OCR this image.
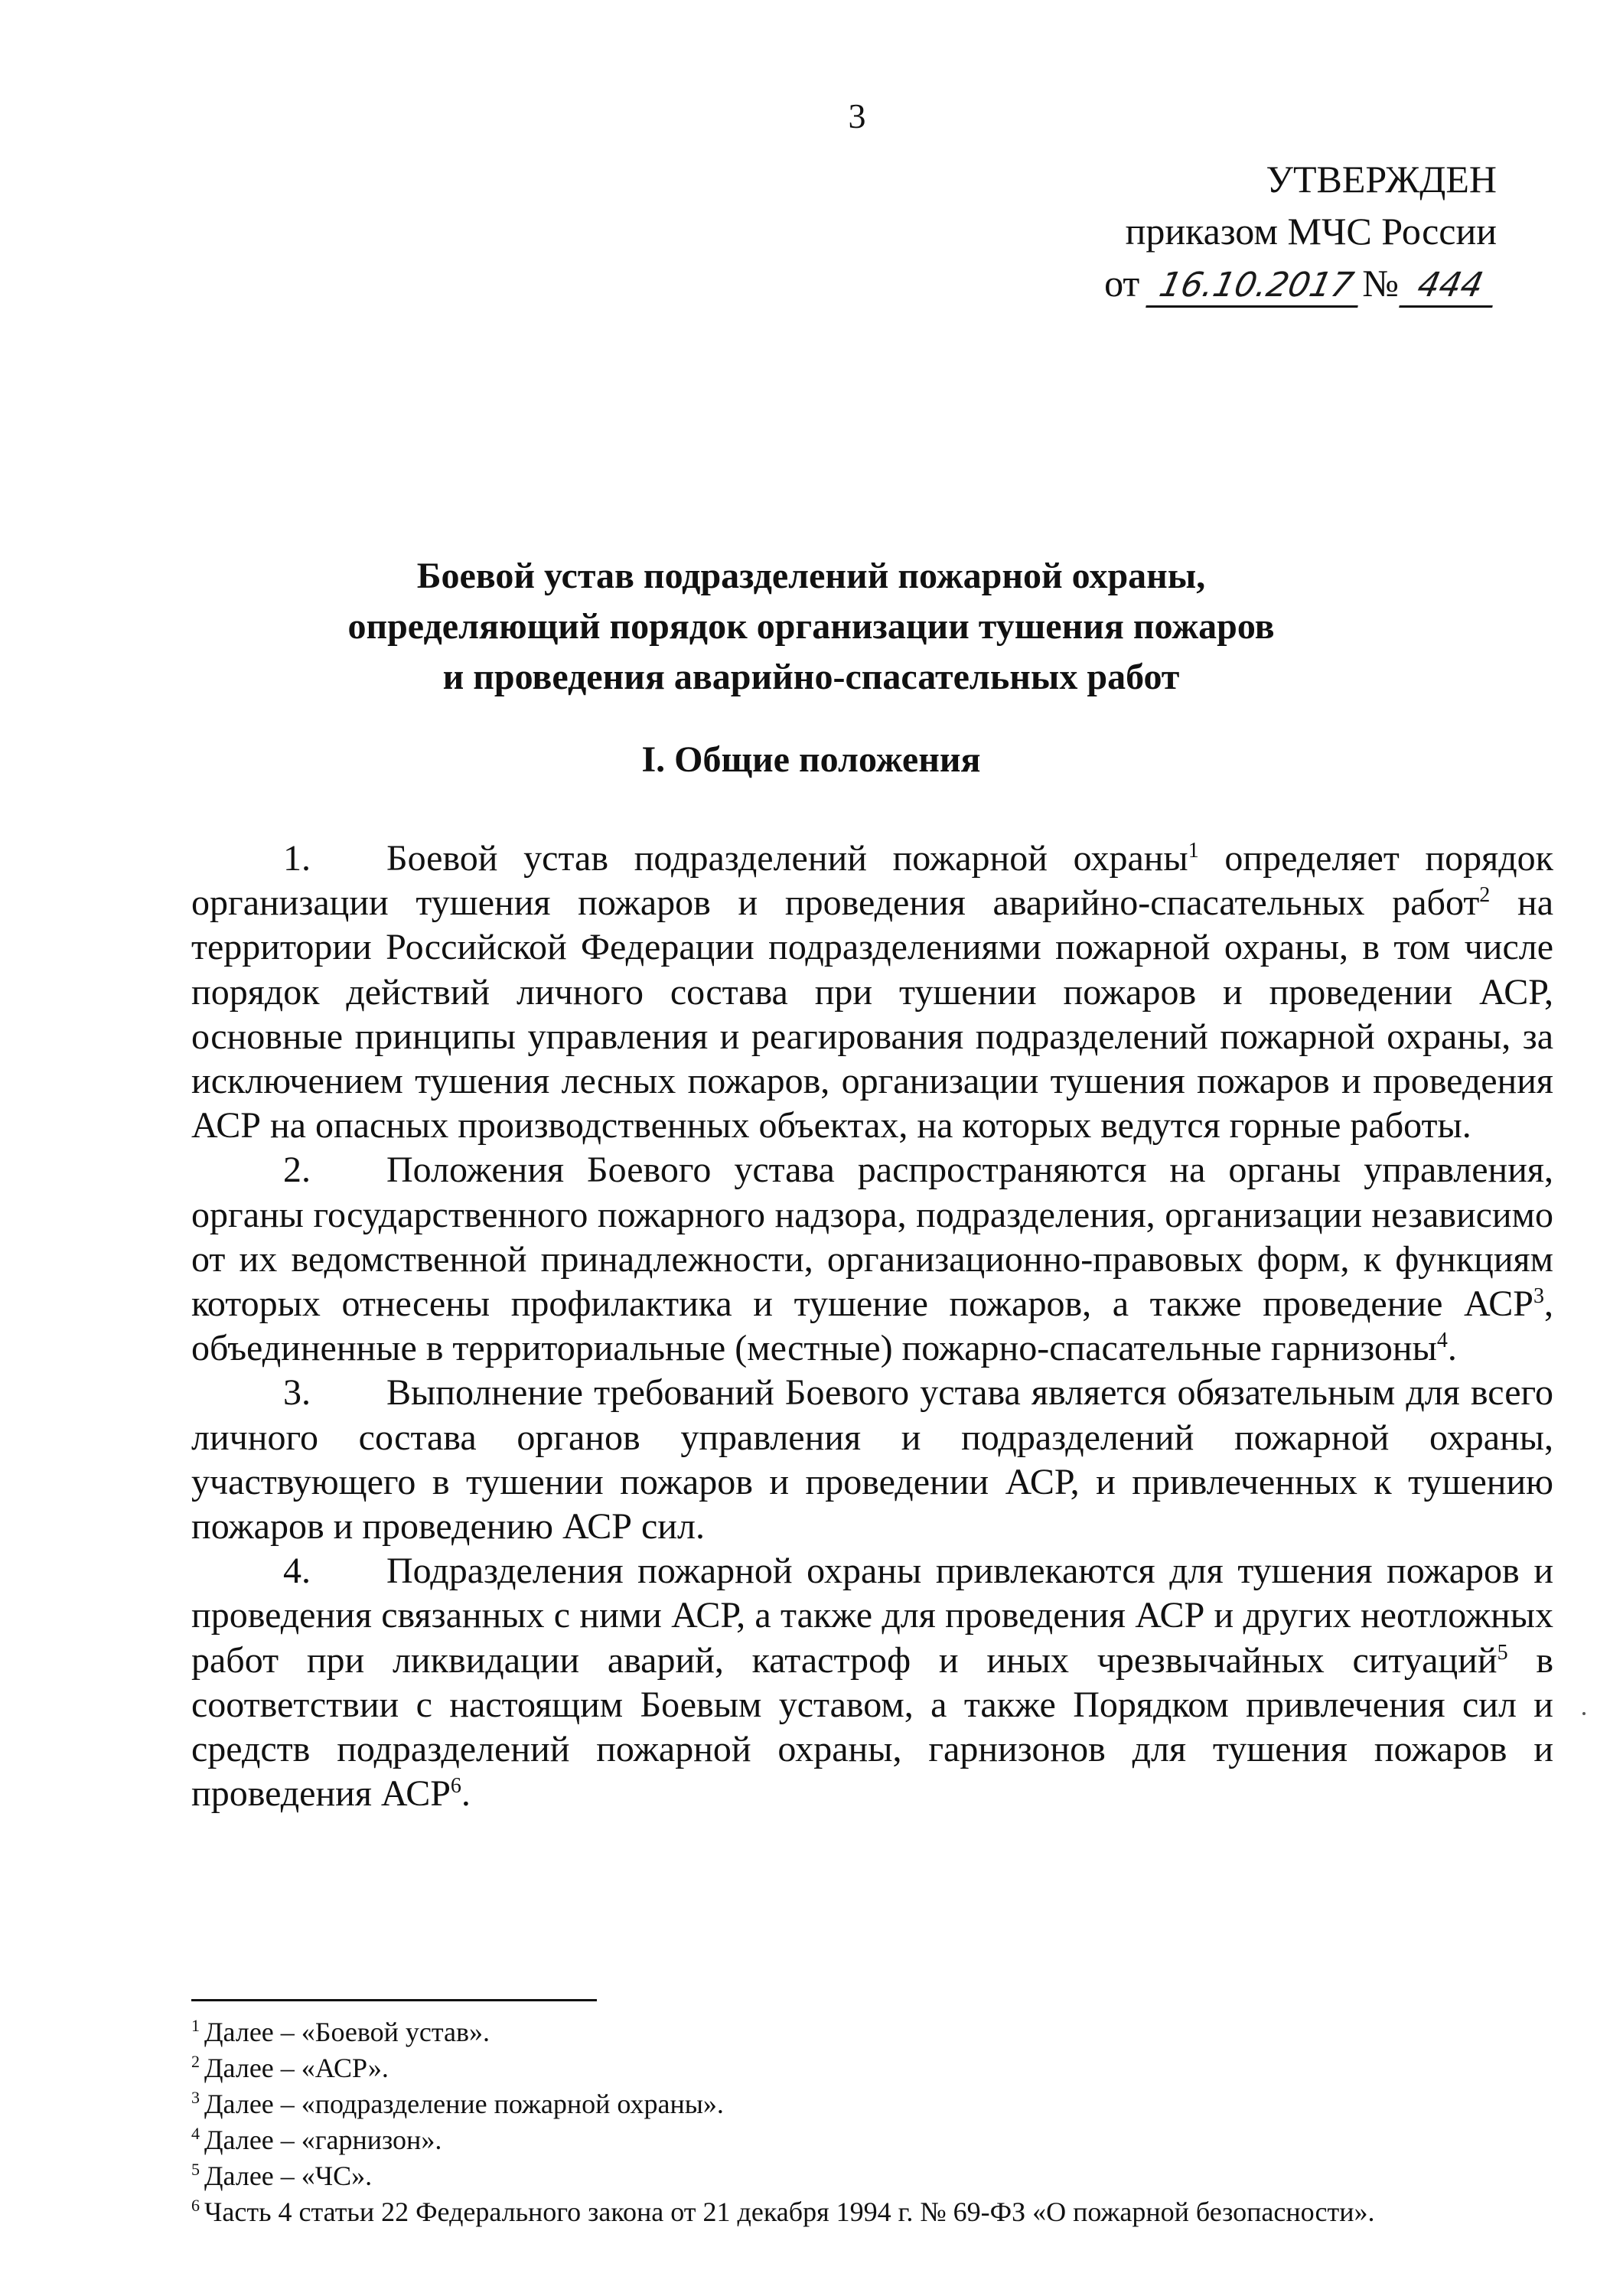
3
УТВЕРЖДЕН
приказом МЧС России
от 16.10.2017 № 444
Боевой устав подразделений пожарной охраны,
определяющий порядок организации тушения пожаров
и проведения аварийно-спасательных работ
I. Общие положения

1. Боевой устав подразделений пожарной охраны$^1$ определяет порядок организации тушения пожаров и проведения аварийно-спасательных работ$^2$ на территории Российской Федерации подразделениями пожарной охраны, в том числе порядок действий личного состава при тушении пожаров и проведении АСР, основные принципы управления и реагирования подразделений пожарной охраны, за исключением тушения лесных пожаров, организации тушения пожаров и проведения АСР на опасных производственных объектах, на которых ведутся горные работы.

2. Положения Боевого устава распространяются на органы управления, органы государственного пожарного надзора, подразделения, организации независимо от их ведомственной принадлежности, организационно-правовых форм, к функциям которых отнесены профилактика и тушение пожаров, а также проведение АСР$^3$, объединенные в территориальные (местные) пожарно-спасательные гарнизоны$^4$.

3. Выполнение требований Боевого устава является обязательным для всего личного состава органов управления и подразделений пожарной охраны, участвующего в тушении пожаров и проведении АСР, и привлеченных к тушению пожаров и проведению АСР сил.

4. Подразделения пожарной охраны привлекаются для тушения пожаров и проведения связанных с ними АСР, а также для проведения АСР и других неотложных работ при ликвидации аварий, катастроф и иных чрезвычайных ситуаций$^5$ в соответствии с настоящим Боевым уставом, а также Порядком привлечения сил и средств подразделений пожарной охраны, гарнизонов для тушения пожаров и проведения АСР$^6$.

$^1$ Далее – «Боевой устав».
$^2$ Далее – «АСР».
$^3$ Далее – «подразделение пожарной охраны».
$^4$ Далее – «гарнизон».
$^5$ Далее – «ЧС».
$^6$ Часть 4 статьи 22 Федерального закона от 21 декабря 1994 г. № 69-ФЗ «О пожарной безопасности».
